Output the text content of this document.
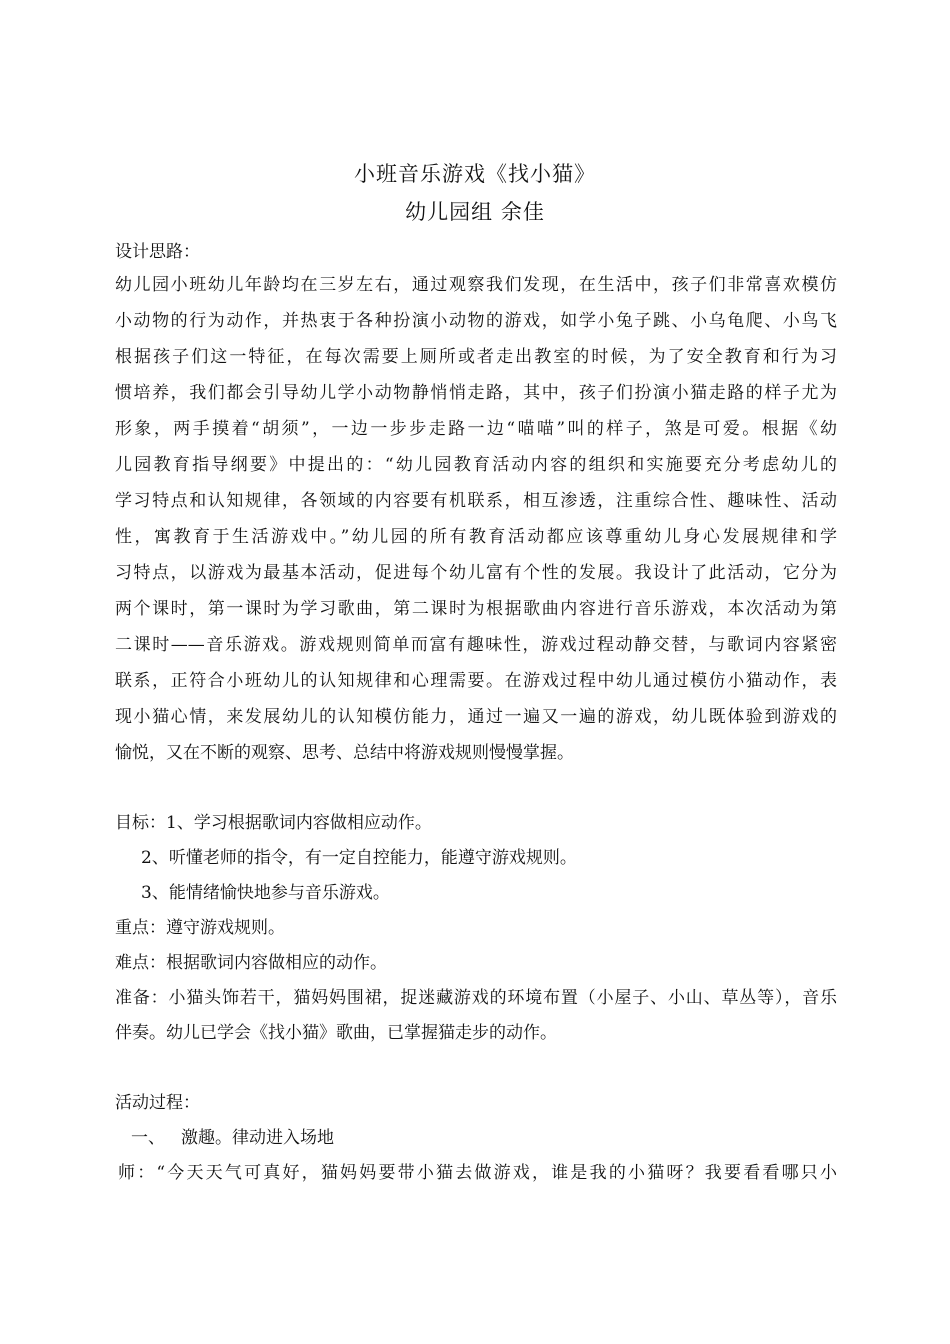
小班音乐游戏《找小猫》
幼儿园组 余佳
设计思路：
幼儿园小班幼儿年龄均在三岁左右，通过观察我们发现，在生活中，孩子们非常喜欢模仿
小动物的行为动作，并热衷于各种扮演小动物的游戏，如学小兔子跳、小乌龟爬、小鸟飞
根据孩子们这一特征，在每次需要上厕所或者走出教室的时候，为了安全教育和行为习
惯培养，我们都会引导幼儿学小动物静悄悄走路，其中，孩子们扮演小猫走路的样子尤为
形象，两手摸着“胡须”，一边一步步走路一边“喵喵”叫的样子，煞是可爱。根据《幼
儿园教育指导纲要》中提出的：“幼儿园教育活动内容的组织和实施要充分考虑幼儿的
学习特点和认知规律，各领域的内容要有机联系，相互渗透，注重综合性、趣味性、活动
性，寓教育于生活游戏中。”幼儿园的所有教育活动都应该尊重幼儿身心发展规律和学
习特点，以游戏为最基本活动，促进每个幼儿富有个性的发展。我设计了此活动，它分为
两个课时，第一课时为学习歌曲，第二课时为根据歌曲内容进行音乐游戏，本次活动为第
二课时——音乐游戏。游戏规则简单而富有趣味性，游戏过程动静交替，与歌词内容紧密
联系，正符合小班幼儿的认知规律和心理需要。在游戏过程中幼儿通过模仿小猫动作，表
现小猫心情，来发展幼儿的认知模仿能力，通过一遍又一遍的游戏，幼儿既体验到游戏的
愉悦，又在不断的观察、思考、总结中将游戏规则慢慢掌握。
目标：1、学习根据歌词内容做相应动作。
2、听懂老师的指令，有一定自控能力，能遵守游戏规则。
3、能情绪愉快地参与音乐游戏。
重点：遵守游戏规则。
难点：根据歌词内容做相应的动作。
准备：小猫头饰若干，猫妈妈围裙，捉迷藏游戏的环境布置（小屋子、小山、草丛等），音乐
伴奏。幼儿已学会《找小猫》歌曲，已掌握猫走步的动作。
活动过程：
一、 激趣。律动进入场地
师：“今天天气可真好，猫妈妈要带小猫去做游戏，谁是我的小猫呀？我要看看哪只小
